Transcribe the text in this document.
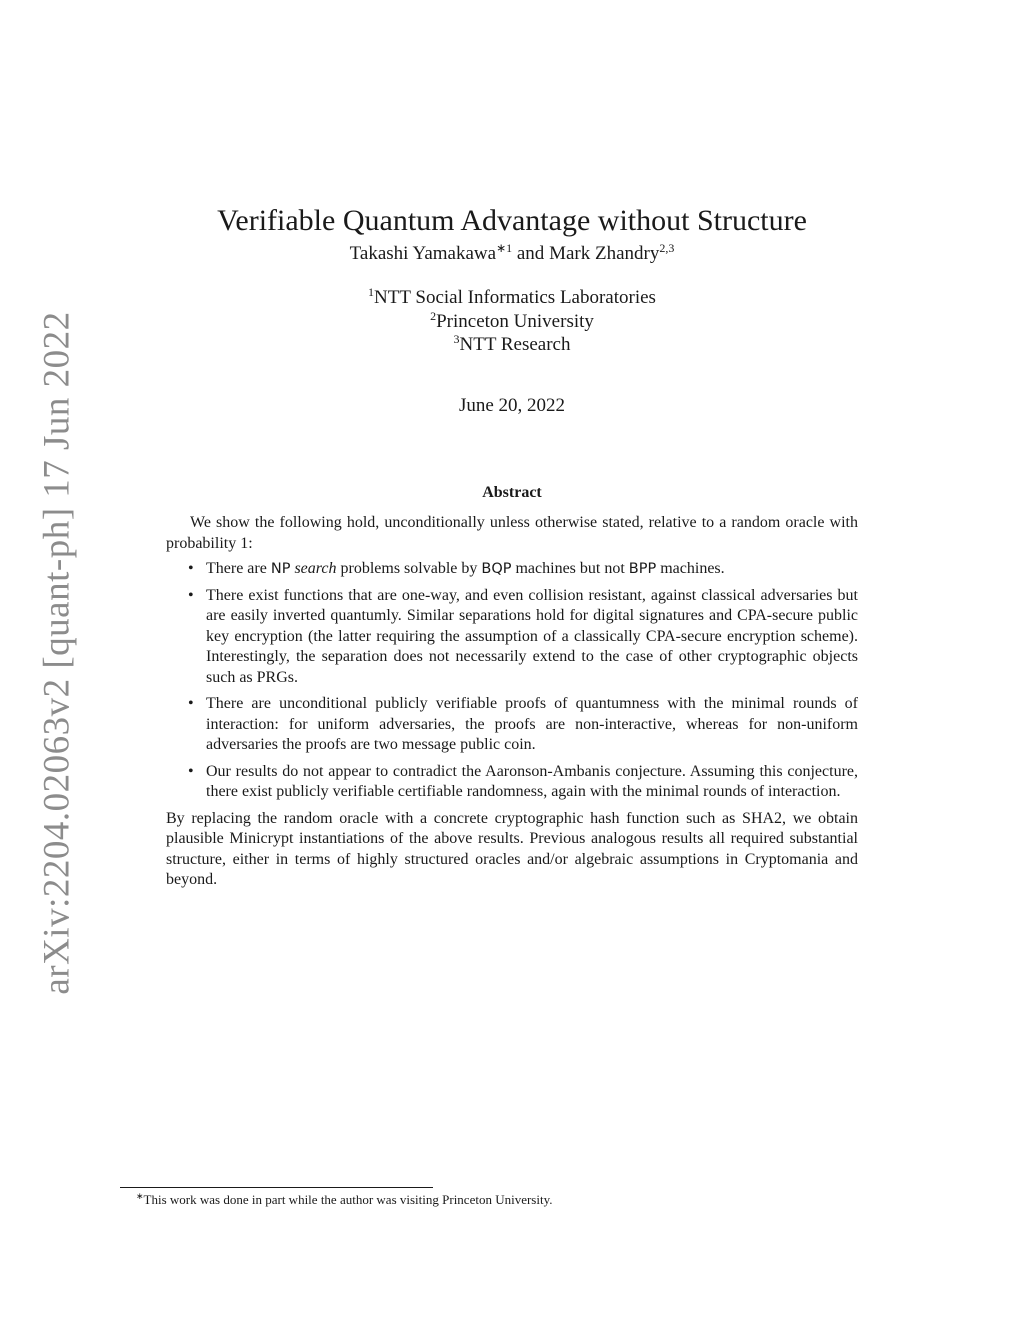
arXiv:2204.02063v2 [quant-ph] 17 Jun 2022
Verifiable Quantum Advantage without Structure
Takashi Yamakawa$^{∗1}$ and Mark Zhandry$^{2,3}$
$^1$NTT Social Informatics Laboratories
$^2$Princeton University
$^3$NTT Research
June 20, 2022
Abstract

We show the following hold, unconditionally unless otherwise stated, relative to a random oracle with probability 1:

• There are NP search problems solvable by BQP machines but not BPP machines.
• There exist functions that are one-way, and even collision resistant, against classical adversaries but are easily inverted quantumly. Similar separations hold for digital signatures and CPA-secure public key encryption (the latter requiring the assumption of a classically CPA-secure encryption scheme). Interestingly, the separation does not necessarily extend to the case of other cryptographic objects such as PRGs.
• There are unconditional publicly verifiable proofs of quantumness with the minimal rounds of interaction: for uniform adversaries, the proofs are non-interactive, whereas for non-uniform adversaries the proofs are two message public coin.
• Our results do not appear to contradict the Aaronson-Ambanis conjecture. Assuming this conjecture, there exist publicly verifiable certifiable randomness, again with the minimal rounds of interaction.

By replacing the random oracle with a concrete cryptographic hash function such as SHA2, we obtain plausible Minicrypt instantiations of the above results. Previous analogous results all required substantial structure, either in terms of highly structured oracles and/or algebraic assumptions in Cryptomania and beyond.

∗This work was done in part while the author was visiting Princeton University.
